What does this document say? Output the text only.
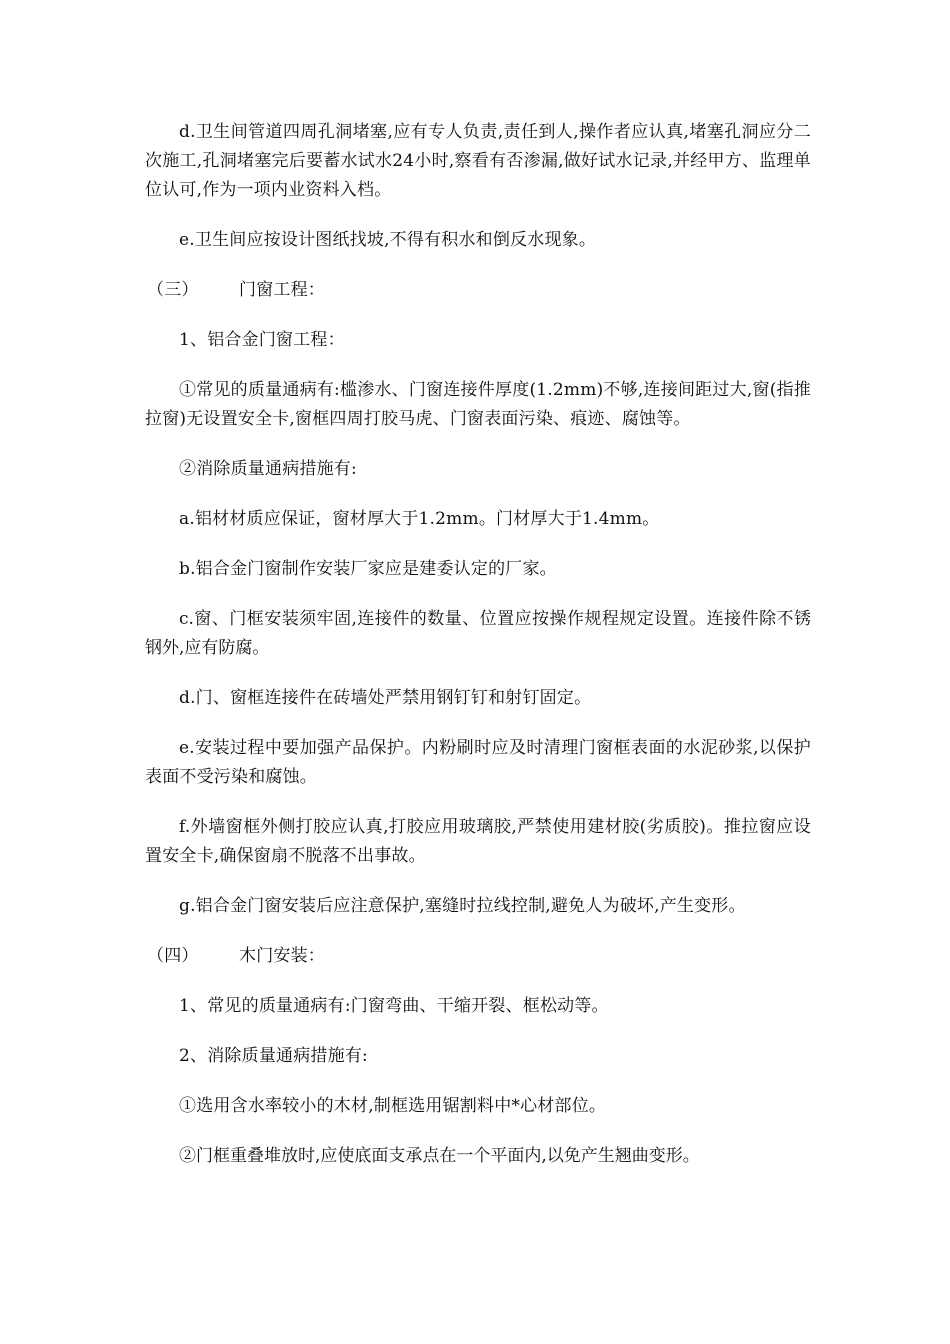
d.卫生间管道四周孔洞堵塞,应有专人负责,责任到人,操作者应认真,堵塞孔洞应分二次施工,孔洞堵塞完后要蓄水试水24小时,察看有否渗漏,做好试水记录,并经甲方、监理单位认可,作为一项内业资料入档。

e.卫生间应按设计图纸找坡,不得有积水和倒反水现象。

（三） 门窗工程：

1、铝合金门窗工程：

①常见的质量通病有:槛渗水、门窗连接件厚度(1.2mm)不够,连接间距过大,窗(指推拉窗)无设置安全卡,窗框四周打胶马虎、门窗表面污染、痕迹、腐蚀等。

②消除质量通病措施有:

a.铝材材质应保证，窗材厚大于1.2mm。门材厚大于1.4mm。

b.铝合金门窗制作安装厂家应是建委认定的厂家。

c.窗、门框安装须牢固,连接件的数量、位置应按操作规程规定设置。连接件除不锈钢外,应有防腐。

d.门、窗框连接件在砖墙处严禁用钢钉钉和射钉固定。

e.安装过程中要加强产品保护。内粉刷时应及时清理门窗框表面的水泥砂浆,以保护表面不受污染和腐蚀。

f.外墙窗框外侧打胶应认真,打胶应用玻璃胶,严禁使用建材胶(劣质胶)。推拉窗应设置安全卡,确保窗扇不脱落不出事故。

g.铝合金门窗安装后应注意保护,塞缝时拉线控制,避免人为破坏,产生变形。

（四） 木门安装：

1、常见的质量通病有:门窗弯曲、干缩开裂、框松动等。

2、消除质量通病措施有:

①选用含水率较小的木材,制框选用锯割料中*心材部位。

②门框重叠堆放时,应使底面支承点在一个平面内,以免产生翘曲变形。
